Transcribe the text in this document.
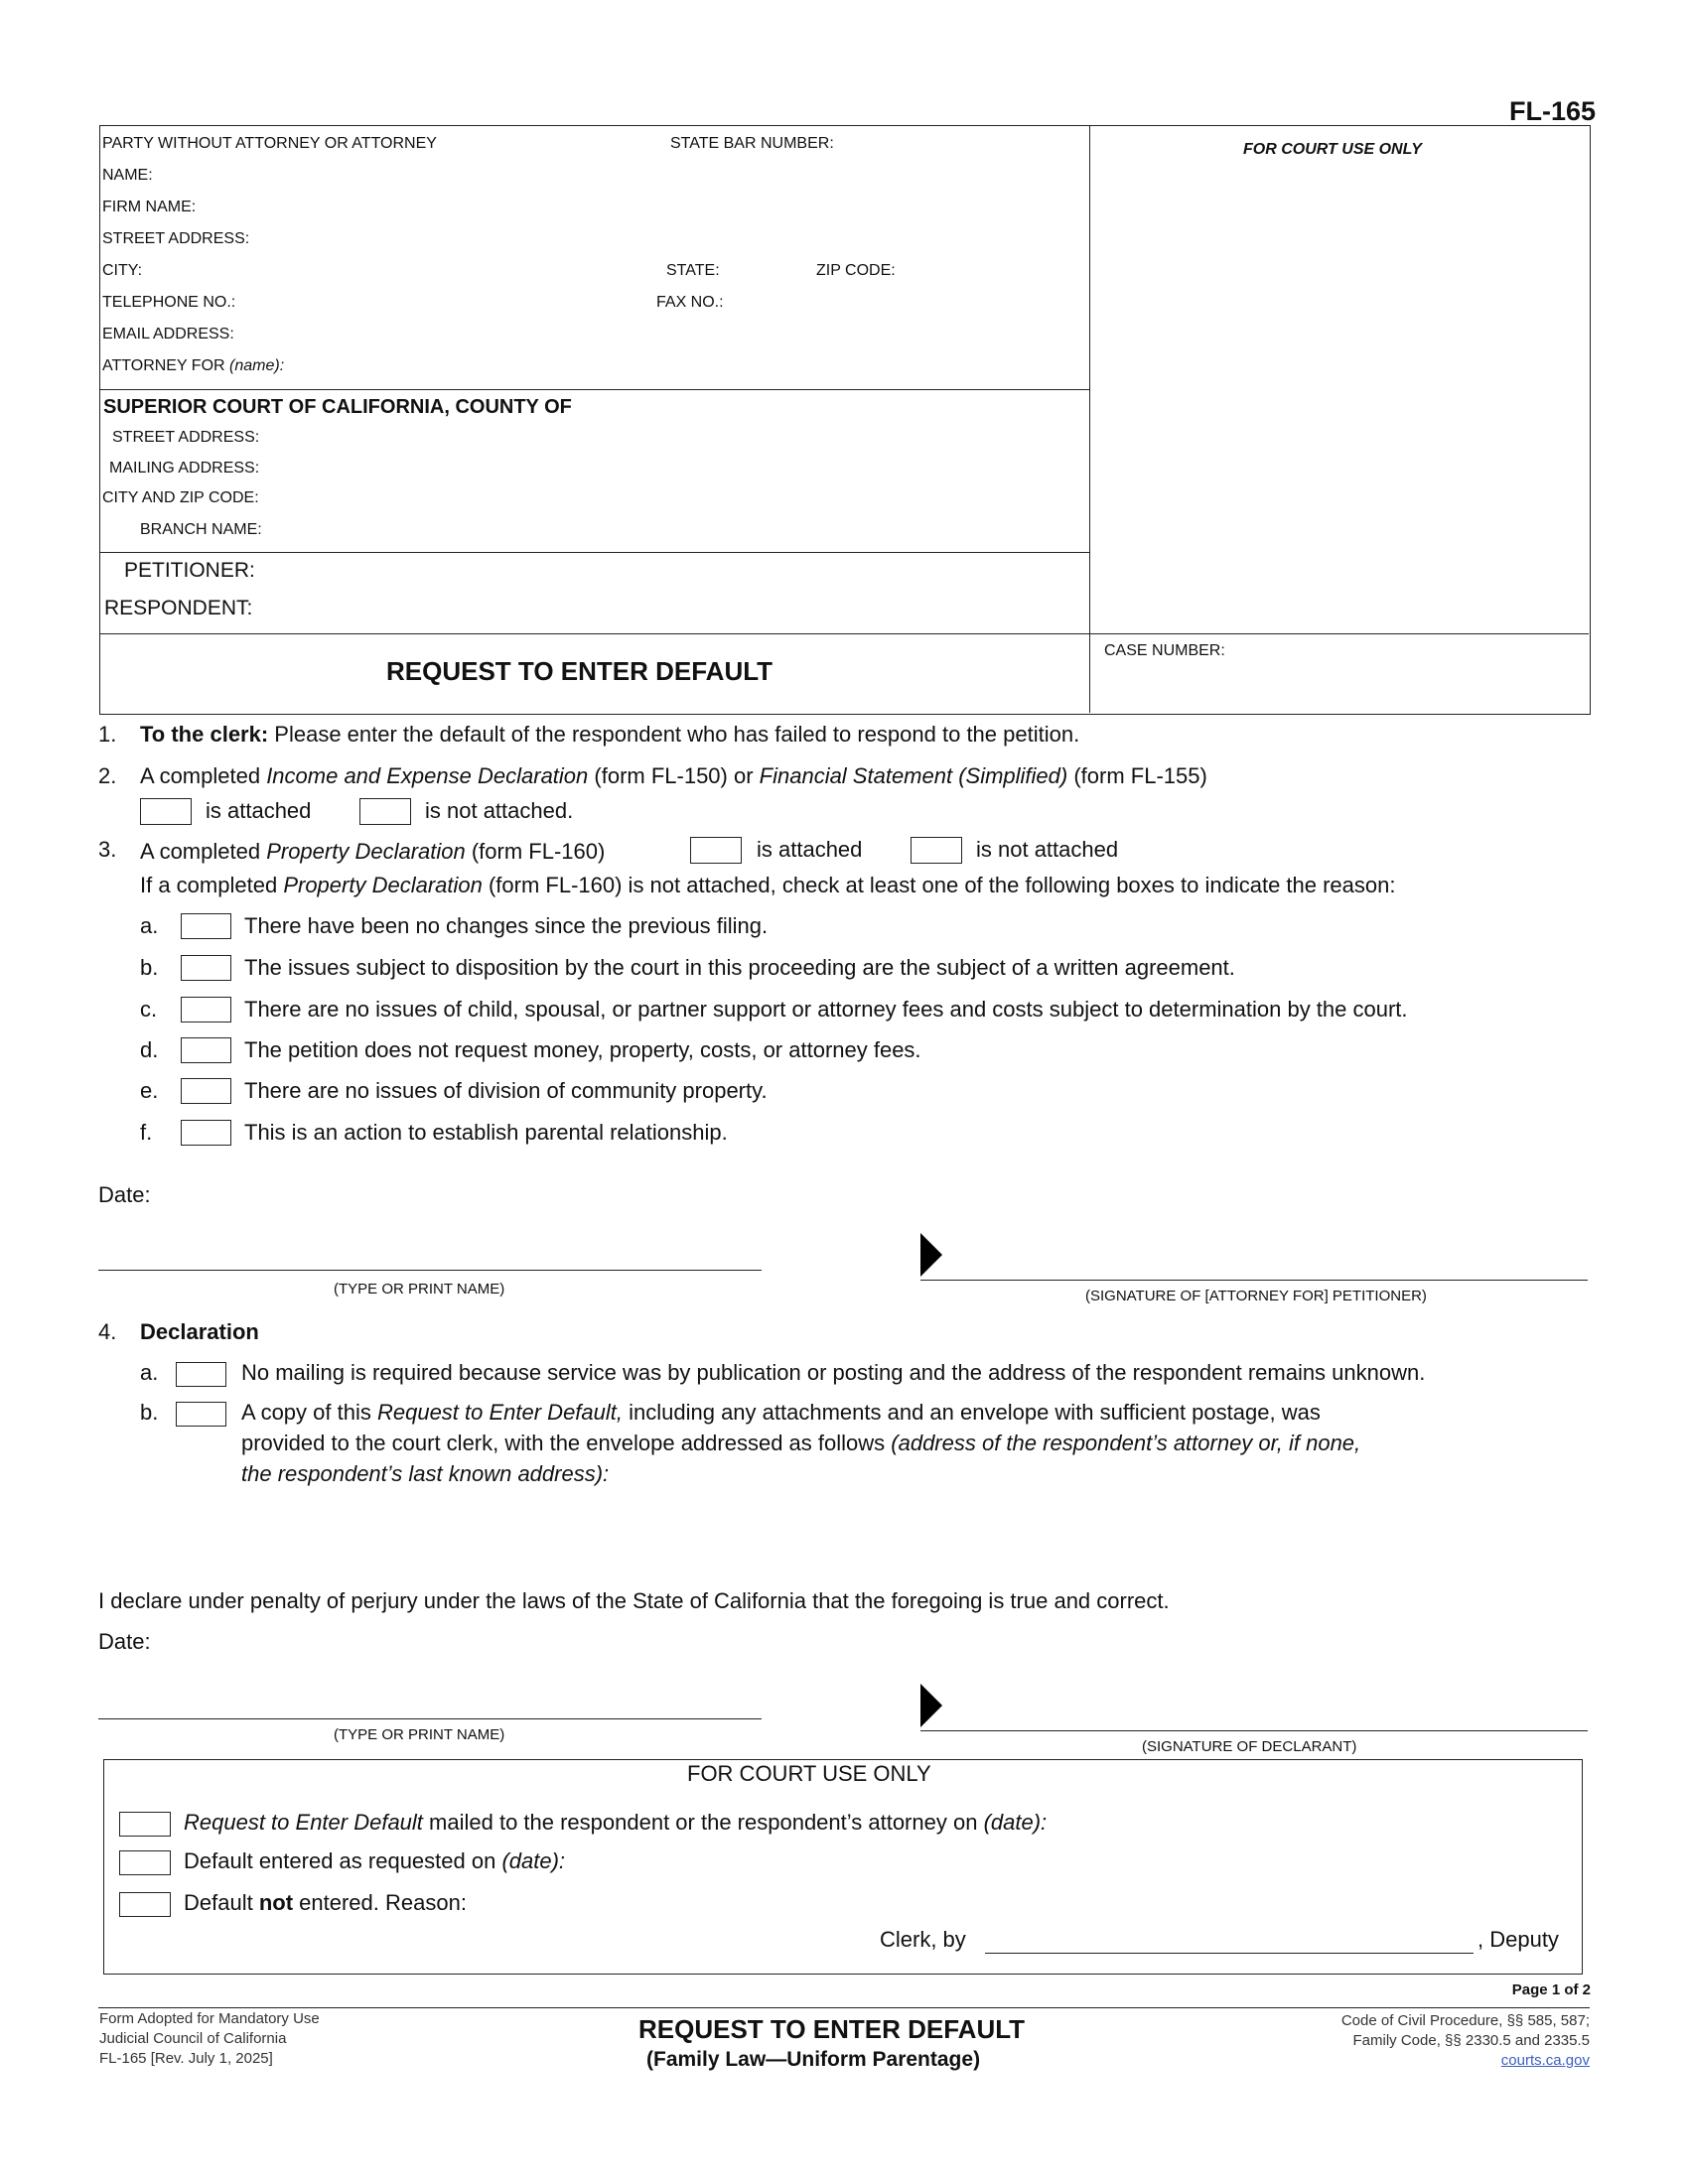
FL-165
PARTY WITHOUT ATTORNEY OR ATTORNEY	STATE BAR NUMBER:	FOR COURT USE ONLY
NAME:
FIRM NAME:
STREET ADDRESS:
CITY:	STATE:	ZIP CODE:
TELEPHONE NO.:	FAX NO.:
EMAIL ADDRESS:
ATTORNEY FOR (name):
SUPERIOR COURT OF CALIFORNIA, COUNTY OF
STREET ADDRESS:
MAILING ADDRESS:
CITY AND ZIP CODE:
BRANCH NAME:
PETITIONER:
RESPONDENT:
REQUEST TO ENTER DEFAULT
CASE NUMBER:
1. To the clerk: Please enter the default of the respondent who has failed to respond to the petition.
2. A completed Income and Expense Declaration (form FL-150) or Financial Statement (Simplified) (form FL-155)
is attached	is not attached.
3. A completed Property Declaration (form FL-160)	is attached	is not attached
If a completed Property Declaration (form FL-160) is not attached, check at least one of the following boxes to indicate the reason:
a.	There have been no changes since the previous filing.
b.	The issues subject to disposition by the court in this proceeding are the subject of a written agreement.
c.	There are no issues of child, spousal, or partner support or attorney fees and costs subject to determination by the court.
d.	The petition does not request money, property, costs, or attorney fees.
e.	There are no issues of division of community property.
f.	This is an action to establish parental relationship.
Date:
(TYPE OR PRINT NAME)	(SIGNATURE OF [ATTORNEY FOR] PETITIONER)
4. Declaration
a.	No mailing is required because service was by publication or posting and the address of the respondent remains unknown.
b.	A copy of this Request to Enter Default, including any attachments and an envelope with sufficient postage, was
provided to the court clerk, with the envelope addressed as follows (address of the respondent’s attorney or, if none,
the respondent’s last known address):
I declare under penalty of perjury under the laws of the State of California that the foregoing is true and correct.
Date:
(TYPE OR PRINT NAME)
(SIGNATURE OF DECLARANT)
FOR COURT USE ONLY
Request to Enter Default mailed to the respondent or the respondent’s attorney on (date):
Default entered as requested on (date):
Default not entered. Reason:
Clerk, by	, Deputy
Page 1 of 2
Form Adopted for Mandatory Use
Judicial Council of California
FL-165 [Rev. July 1, 2025]
REQUEST TO ENTER DEFAULT
(Family Law—Uniform Parentage)
Code of Civil Procedure, §§ 585, 587;
Family Code, §§ 2330.5 and 2335.5
courts.ca.gov
